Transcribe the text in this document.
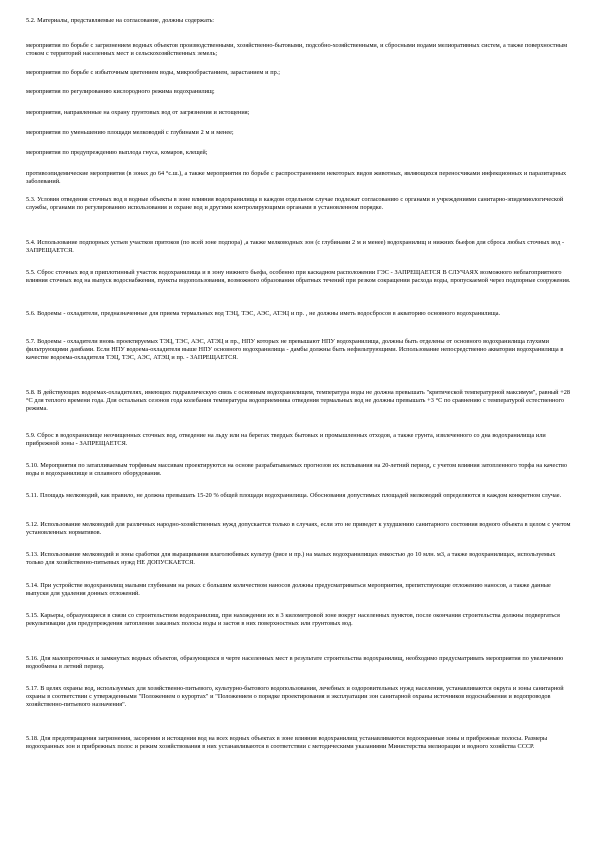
5.2. Материалы, представляемые на согласование, должны содержать:

мероприятия по борьбе с загрязнением водных объектов производственными, хозяйственно-бытовыми, подсобно-хозяйственными, и сбросными водами мелиоративных систем, а также поверхностным стоком с территорий населенных мест и сельскохозяйственных земель;

мероприятия по борьбе с избыточным цветением воды, микрообрастанием, зарастанием и пр.;

мероприятия по регулированию кислородного режима водохранилищ;

мероприятия, направленные на охрану грунтовых вод от загрязнения и истощения;

мероприятия по уменьшению площади мелководий с глубинами 2 м и менее;

мероприятия по предупреждению выплода гнуса, комаров, клещей;

противоэпидемические мероприятия (в зонах до 64 °с.ш.), а также мероприятия по борьбе с распространением некоторых видов животных, являющихся переносчиками инфекционных и паразитарных заболеваний.

5.3. Условия отведения сточных вод в водные объекты в зоне влияния водохранилища в каждом отдельном случае подлежат согласованию с органами и учреждениями санитарно-эпидемиологической службы, органами по регулированию использования и охране вод и другими контролирующими органами в установленном порядке.

5.4. Использование подпорных устьев участков притоков (по всей зоне подпора) ,а также мелководных зон (с глубинами 2 м и менее) водохранилищ и нижних бьефов для сброса любых сточных вод - ЗАПРЕЩАЕТСЯ.

5.5. Сброс сточных вод в приплотинный участок водохранилища и в зону нижнего бьефа, особенно при каскадном расположении ГЭС - ЗАПРЕЩАЕТСЯ В СЛУЧАЯХ возможного неблагоприятного влияния сточных вод на выпуск водоснабжения, пункты водопользования, возможного образования обратных течений при резком сокращении расхода воды, пропускаемой через подпорные сооружения.

5.6. Водоемы - охладители, предназначенные для приема термальных вод ТЭЦ, ТЭС, АЭС, АТЭЦ и пр. , не должны иметь водосбросов в акваторию основного водохранилища.

5.7. Водоемы - охладители вновь проектируемых ТЭЦ, ТЭС, АЭС, АТЭЦ и пр., НПУ которых не превышают НПУ водохранилища, должны быть отделены от основного водохранилища глухими фильтрующими дамбами. Если НПУ водоема-охладителя выше НПУ основного водохранилища - дамбы должны быть нефильтрующими. Использование непосредственно акватории водохранилища в качестве водоема-охладителя ТЭЦ, ТЭС, АЭС, АТЭЦ и пр. - ЗАПРЕЩАЕТСЯ.

5.8. В действующих водоемах-охладителях, имеющих гидравлическую связь с основным водохранилищем, температура воды не должна превышать "критической температурной максимум", равный +28 °С для теплого времени года. Для остальных сезонов года колебания температуры водоприемника отведения термальных вод не должны превышать +3 °С по сравнению с температурой естественного режима.

5.9. Сброс в водохранилище неочищенных сточных вод, отведение на льду или на берегах твердых бытовых и промышленных отходов, а также грунта, извлеченного со дна водохранилища или прибрежной зоны - ЗАПРЕЩАЕТСЯ.

5.10. Мероприятия по затапливаемым торфяным массивам проектируются на основе разрабатываемых прогнозов их всплывания на 20-летний период, с учетом влияния затопленного торфа на качество воды в водохранилище и сплавного оборудования.

5.11. Площадь мелководий, как правило, не должна превышать 15-20 % общей площади водохранилища. Обоснования допустимых площадей мелководий определяются в каждом конкретном случае.

5.12. Использование мелководий для различных народно-хозяйственных нужд допускается только в случаях, если это не приведет к ухудшению санитарного состояния водного объекта в целом с учетом установленных нормативов.

5.13. Использование мелководий и зоны сработки для выращивания влаголюбивых культур (рисе и пр.) на малых водохранилищах емкостью до 10 млн. м3, а также водохранилищах, используемых только для хозяйственно-питьевых нужд НЕ ДОПУСКАЕТСЯ.

5.14. При устройстве водохранилищ малыми глубинами на реках с большим количеством наносов должны предусматриваться мероприятия, препятствующие отложению наносов, а также данные выпуски для удаления донных отложений.

5.15. Карьеры, образующиеся в связи со строительством водохранилищ, при нахождении их в 3 километровой зоне вокруг населенных пунктов, после окончания строительства должны подвергаться рекультивации для предупреждения затопления заказных полосы воды и застоя в них поверхностных или грунтовых вод.

5.16. Для малопроточных и замкнутых водных объектов, образующихся в черте населенных мест в результате строительства водохранилищ, необходимо предусматривать мероприятия по увеличению водообмена в летний период.

5.17. В целях охраны вод, используемых для хозяйственно-питьевого, культурно-бытового водопользования, лечебных и оздоровительных нужд населения, устанавливаются округа и зоны санитарной охраны в соответствии с утвержденными "Положением о курортах" и "Положением о порядке проектирования и эксплуатации зон санитарной охраны источников водоснабжения и водопроводов хозяйственно-питьевого назначения".

5.18. Для предотвращения загрязнения, засорения и истощения вод на всех водных объектах в зоне влияния водохранилищ устанавливаются водоохранные зоны и прибрежные полосы. Размеры водоохранных зон и прибрежных полос и режим хозяйствования в них устанавливаются в соответствии с методическими указаниями Министерства мелиорации и водного хозяйства СССР.
